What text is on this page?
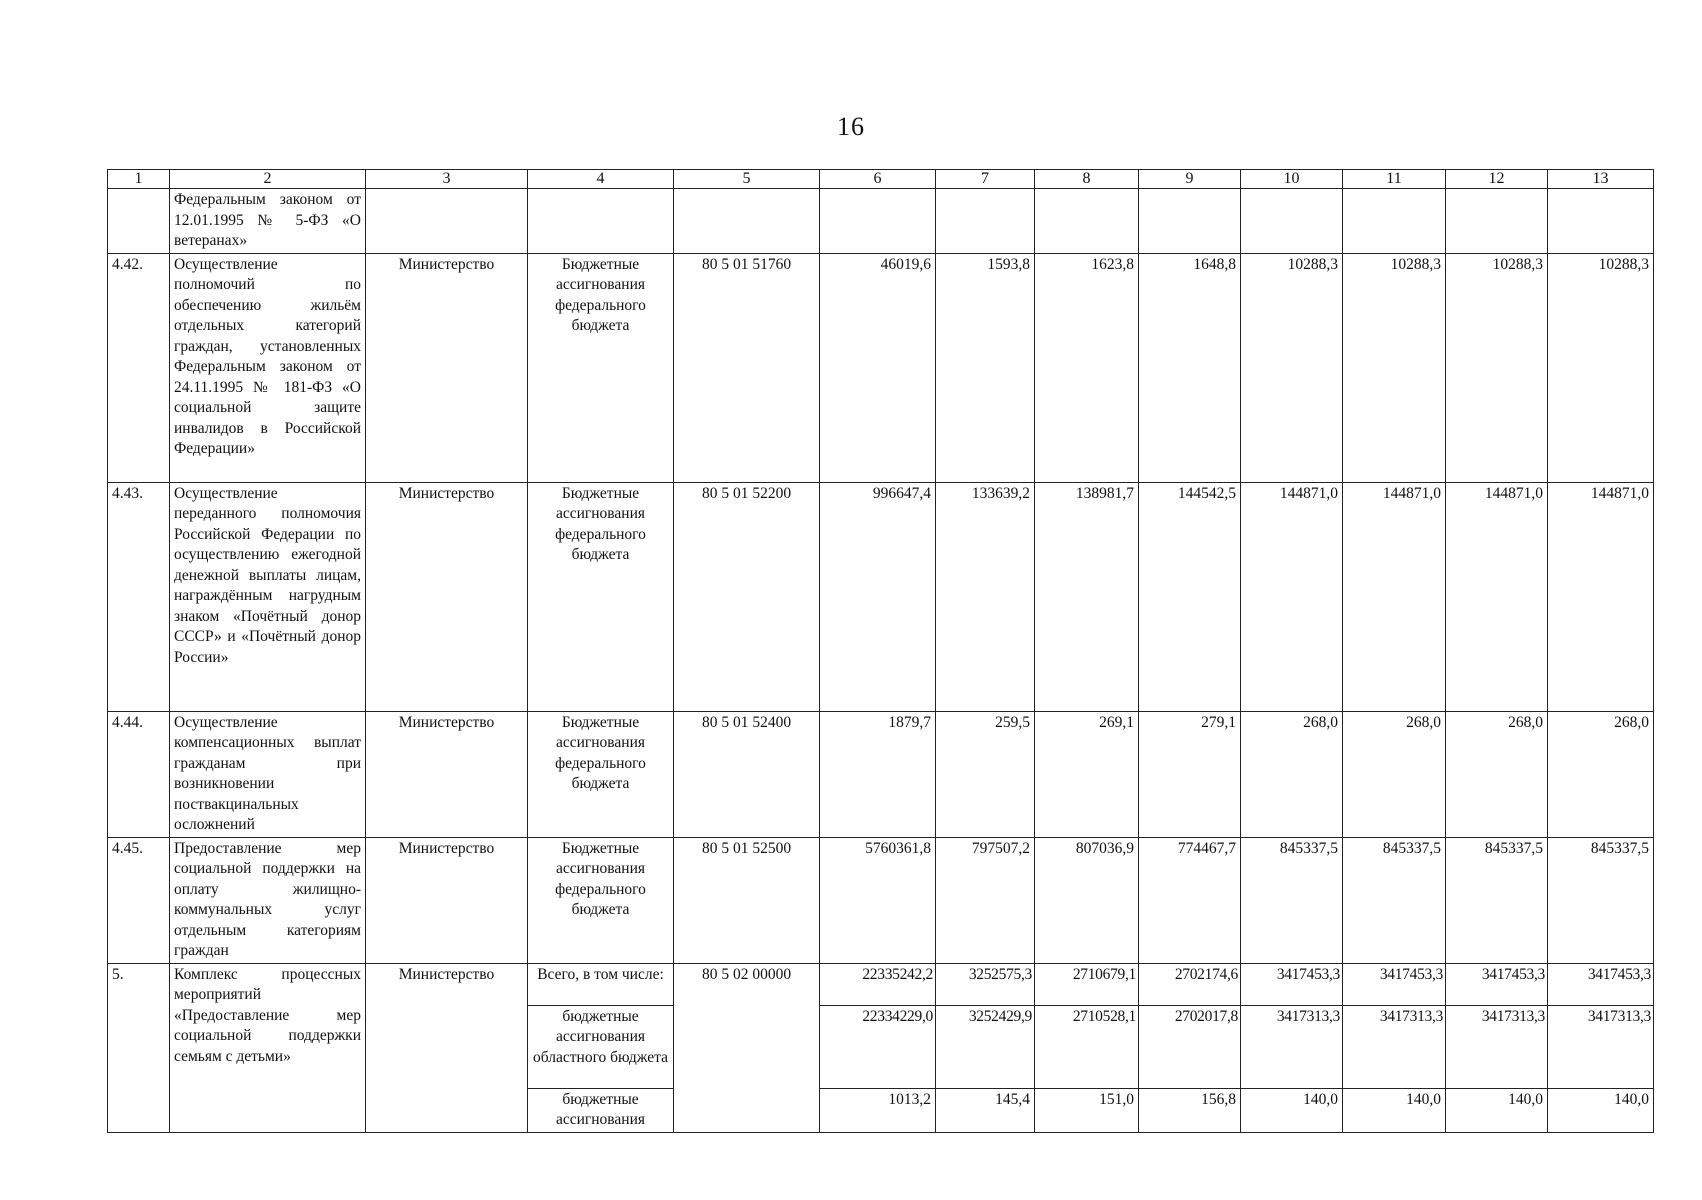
16
1	2	3	4	5	6	7	8	9	10	11	12	13
	Федеральным законом от 12.01.1995 № 5-ФЗ «О ветеранах»											
4.42.	Осуществление полномочий по обеспечению жильём отдельных категорий граждан, установленных Федеральным законом от 24.11.1995 № 181-ФЗ «О социальной защите инвалидов в Российской Федерации»	Министерство	Бюджетные ассигнования федерального бюджета	80 5 01 51760	46019,6	1593,8	1623,8	1648,8	10288,3	10288,3	10288,3	10288,3
4.43.	Осуществление переданного полномочия Российской Федерации по осуществлению ежегодной денежной выплаты лицам, награждённым нагрудным знаком «Почётный донор СССР» и «Почётный донор России»	Министерство	Бюджетные ассигнования федерального бюджета	80 5 01 52200	996647,4	133639,2	138981,7	144542,5	144871,0	144871,0	144871,0	144871,0
4.44.	Осуществление компенсационных выплат гражданам при возникновении поствакцинальных осложнений	Министерство	Бюджетные ассигнования федерального бюджета	80 5 01 52400	1879,7	259,5	269,1	279,1	268,0	268,0	268,0	268,0
4.45.	Предоставление мер социальной поддержки на оплату жилищно-коммунальных услуг отдельным категориям граждан	Министерство	Бюджетные ассигнования федерального бюджета	80 5 01 52500	5760361,8	797507,2	807036,9	774467,7	845337,5	845337,5	845337,5	845337,5
5.	Комплекс процессных мероприятий «Предоставление мер социальной поддержки семьям с детьми»	Министерство	Всего, в том числе:	80 5 02 00000	22335242,2	3252575,3	2710679,1	2702174,6	3417453,3	3417453,3	3417453,3	3417453,3
			бюджетные ассигнования областного бюджета		22334229,0	3252429,9	2710528,1	2702017,8	3417313,3	3417313,3	3417313,3	3417313,3
			бюджетные ассигнования		1013,2	145,4	151,0	156,8	140,0	140,0	140,0	140,0
